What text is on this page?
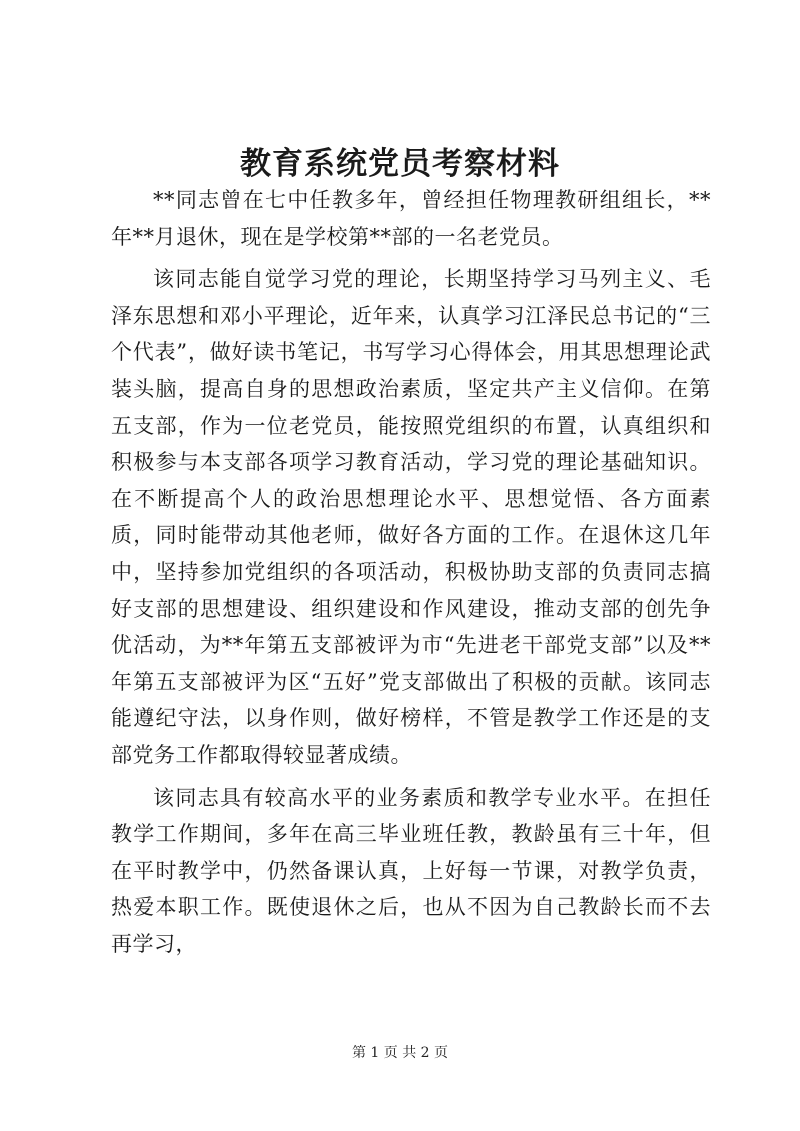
教育系统党员考察材料

**同志曾在七中任教多年，曾经担任物理教研组组长，**年**月退休，现在是学校第**部的一名老党员。

该同志能自觉学习党的理论，长期坚持学习马列主义、毛泽东思想和邓小平理论，近年来，认真学习江泽民总书记的“三个代表”，做好读书笔记，书写学习心得体会，用其思想理论武装头脑，提高自身的思想政治素质，坚定共产主义信仰。在第五支部，作为一位老党员，能按照党组织的布置，认真组织和积极参与本支部各项学习教育活动，学习党的理论基础知识。在不断提高个人的政治思想理论水平、思想觉悟、各方面素质，同时能带动其他老师，做好各方面的工作。在退休这几年中，坚持参加党组织的各项活动，积极协助支部的负责同志搞好支部的思想建设、组织建设和作风建设，推动支部的创先争优活动，为**年第五支部被评为市“先进老干部党支部”以及**年第五支部被评为区“五好”党支部做出了积极的贡献。该同志能遵纪守法，以身作则，做好榜样，不管是教学工作还是的支部党务工作都取得较显著成绩。

该同志具有较高水平的业务素质和教学专业水平。在担任教学工作期间，多年在高三毕业班任教，教龄虽有三十年，但在平时教学中，仍然备课认真，上好每一节课，对教学负责，热爱本职工作。既使退休之后，也从不因为自己教龄长而不去再学习，

第 1 页 共 2 页
